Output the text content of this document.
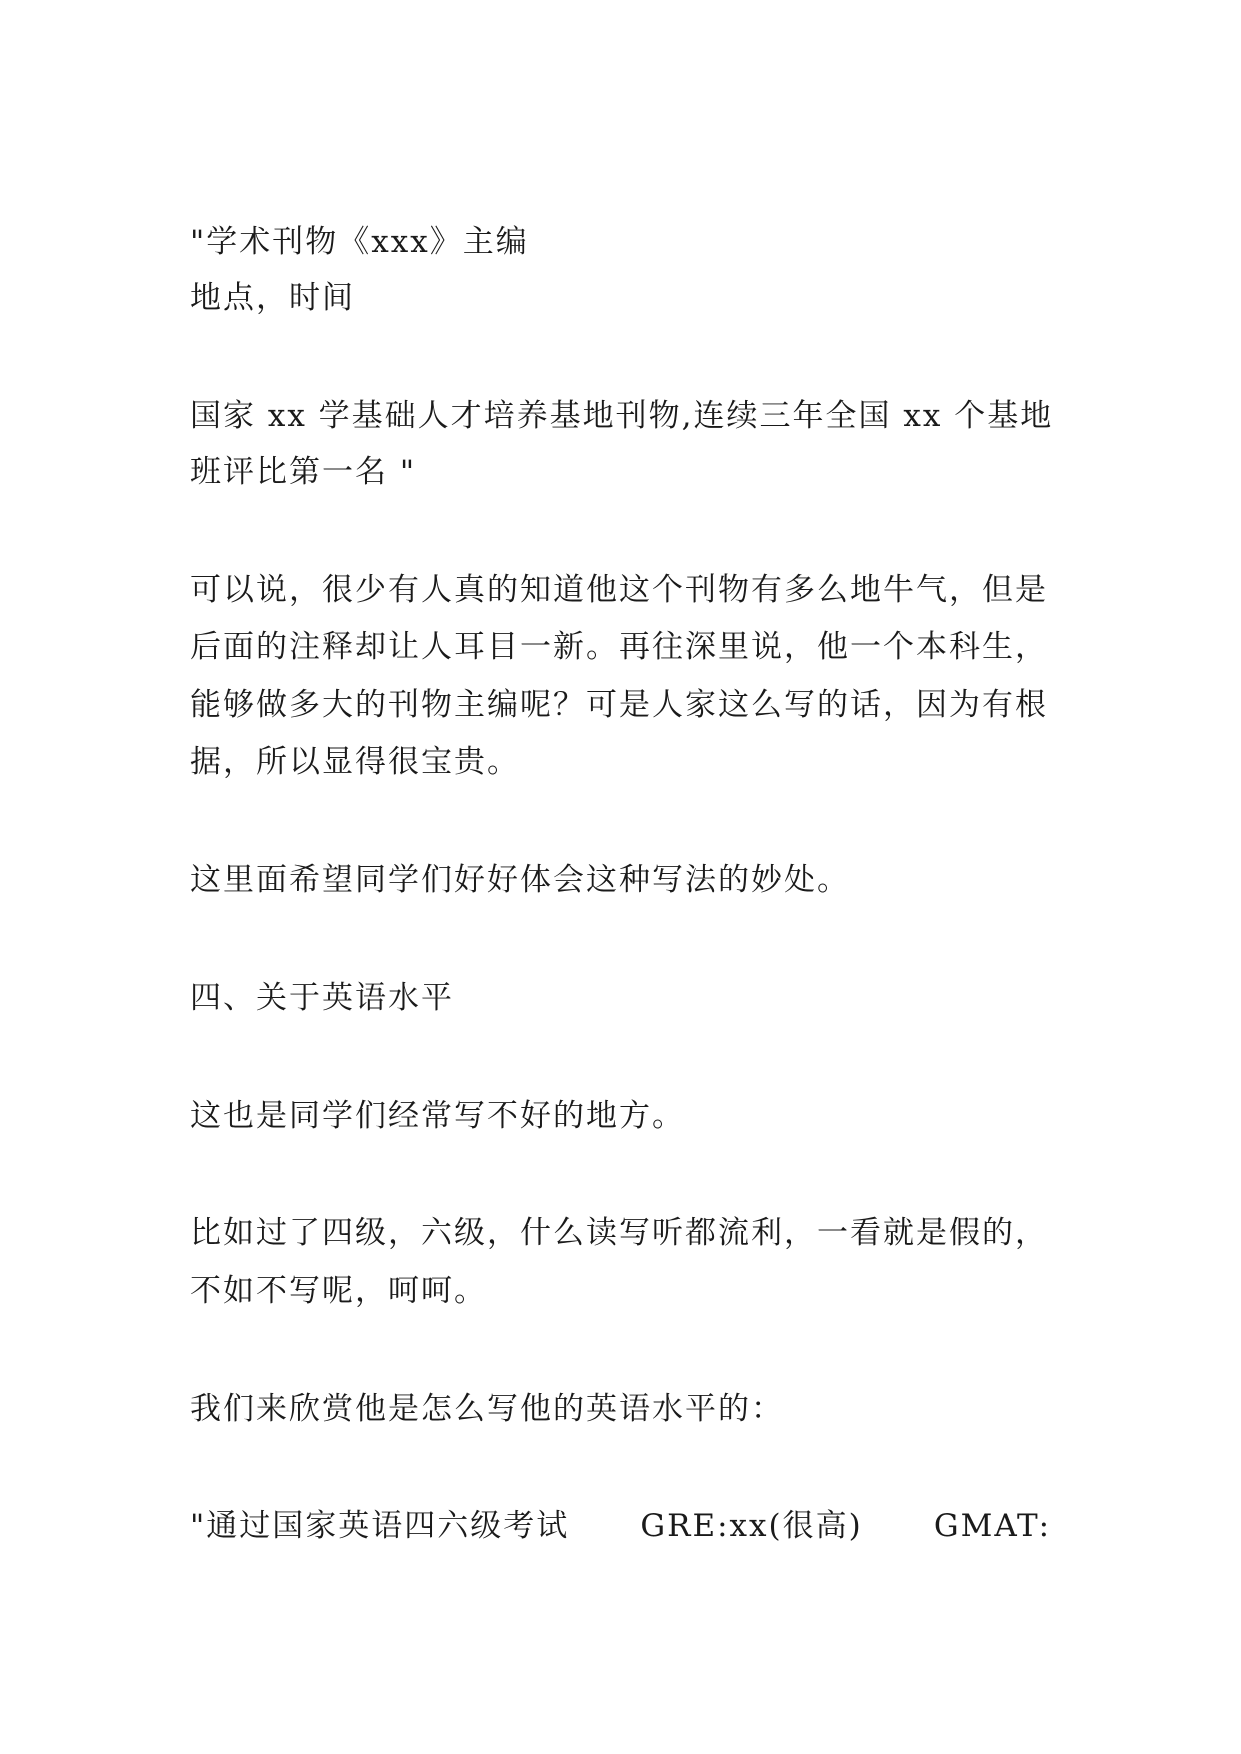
"学术刊物《xxx》主编

地点，时间

国家 xx 学基础人才培养基地刊物,连续三年全国 xx 个基地

班评比第一名 "

可以说，很少有人真的知道他这个刊物有多么地牛气，但是

后面的注释却让人耳目一新。再往深里说，他一个本科生，

能够做多大的刊物主编呢？可是人家这么写的话，因为有根

据，所以显得很宝贵。

这里面希望同学们好好体会这种写法的妙处。

四、关于英语水平

这也是同学们经常写不好的地方。

比如过了四级，六级，什么读写听都流利，一看就是假的，

不如不写呢，呵呵。

我们来欣赏他是怎么写他的英语水平的：

"通过国家英语四六级考试      GRE:xx(很高)      GMAT:
